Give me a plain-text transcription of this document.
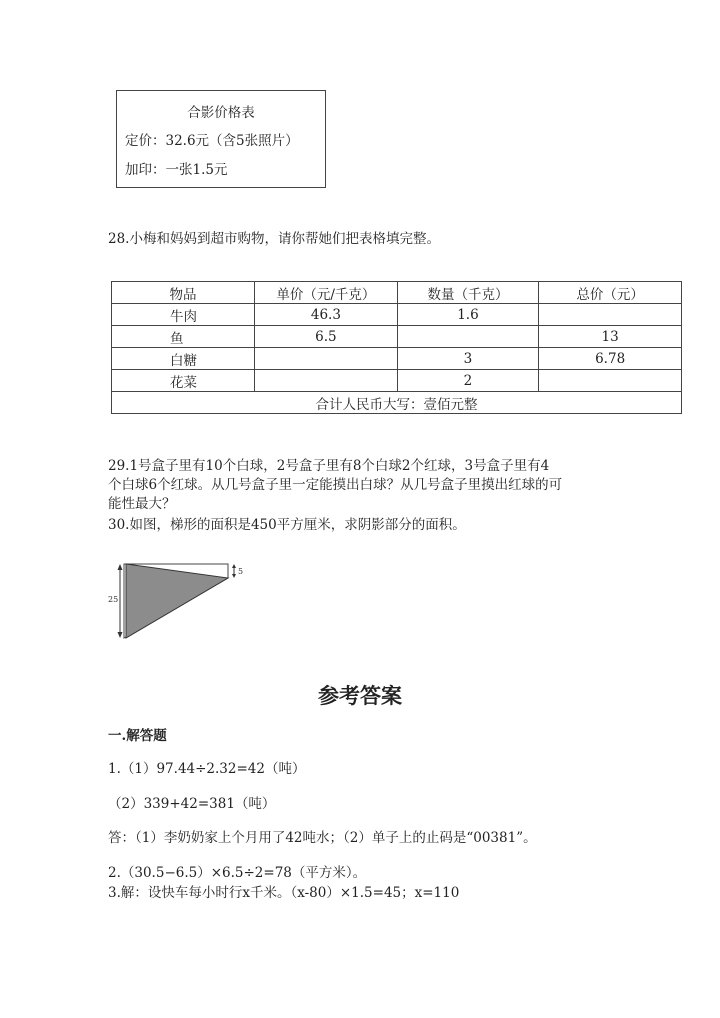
合影价格表
定价：32.6元（含5张照片）
加印：一张1.5元
28.小梅和妈妈到超市购物，请你帮她们把表格填完整。
物品	单价（元/千克）	数量（千克）	总价（元）
牛肉	46.3	1.6	
鱼	6.5		13
白糖		3	6.78
花菜		2	
合计人民币大写：壹佰元整			
29.1号盒子里有10个白球，2号盒子里有8个白球2个红球，3号盒子里有4
个白球6个红球。从几号盒子里一定能摸出白球？从几号盒子里摸出红球的可
能性最大？
30.如图，梯形的面积是450平方厘米，求阴影部分的面积。
25
5
参考答案
一.解答题
1.（1）97.44÷2.32=42（吨）
（2）339+42=381（吨）
答：（1）李奶奶家上个月用了42吨水；（2）单子上的止码是“00381”。
2.（30.5−6.5）×6.5÷2=78（平方米）。
3.解：设快车每小时行x千米。（x-80）×1.5=45；x=110
